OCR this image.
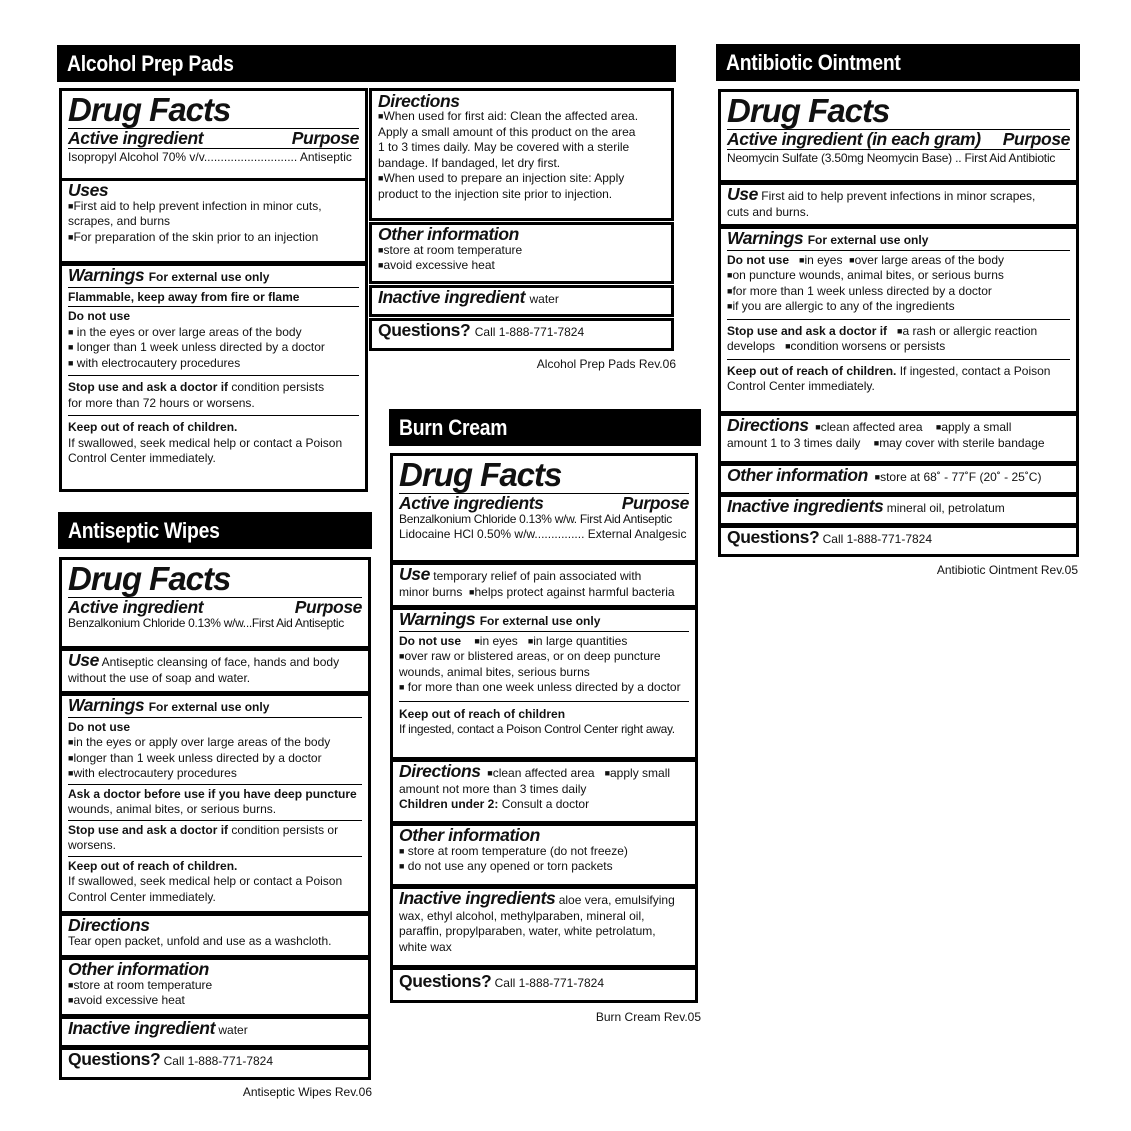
Alcohol Prep Pads
Drug Facts
Active ingredient	Purpose
Isopropyl Alcohol 70% v/v............................ Antiseptic
Uses
■First aid to help prevent infection in minor cuts,
scrapes, and burns
■For preparation of the skin prior to an injection
Warnings For external use only
Flammable, keep away from fire or flame
Do not use
■ in the eyes or over large areas of the body
■ longer than 1 week unless directed by a doctor
■ with electrocautery procedures
Stop use and ask a doctor if condition persists
for more than 72 hours or worsens.
Keep out of reach of children.
If swallowed, seek medical help or contact a Poison
Control Center immediately.
Directions
■When used for first aid: Clean the affected area.
Apply a small amount of this product on the area
1 to 3 times daily. May be covered with a sterile
bandage. If bandaged, let dry first.
■When used to prepare an injection site: Apply
product to the injection site prior to injection.
Other information
■store at room temperature
■avoid excessive heat
Inactive ingredient water
Questions? Call 1-888-771-7824
Alcohol Prep Pads Rev.06
Antibiotic Ointment
Drug Facts
Active ingredient (in each gram) Purpose
Neomycin Sulfate (3.50mg Neomycin Base) .. First Aid Antibiotic
Use First aid to help prevent infections in minor scrapes,
cuts and burns.
Warnings For external use only
Do not use ■in eyes ■over large areas of the body
■on puncture wounds, animal bites, or serious burns
■for more than 1 week unless directed by a doctor
■if you are allergic to any of the ingredients
Stop use and ask a doctor if ■a rash or allergic reaction
develops ■condition worsens or persists
Keep out of reach of children. If ingested, contact a Poison
Control Center immediately.
Directions ■clean affected area ■apply a small
amount 1 to 3 times daily ■may cover with sterile bandage
Other information ■store at 68˚ - 77˚F (20˚ - 25˚C)
Inactive ingredients mineral oil, petrolatum
Questions? Call 1-888-771-7824
Antibiotic Ointment Rev.05
Burn Cream
Drug Facts
Active ingredients	Purpose
Benzalkonium Chloride 0.13% w/w. First Aid Antiseptic
Lidocaine HCl 0.50% w/w............... External Analgesic
Use temporary relief of pain associated with
minor burns ■helps protect against harmful bacteria
Warnings For external use only
Do not use ■in eyes ■in large quantities
■over raw or blistered areas, or on deep puncture
wounds, animal bites, serious burns
■ for more than one week unless directed by a doctor
Keep out of reach of children
If ingested, contact a Poison Control Center right away.
Directions ■clean affected area ■apply small
amount not more than 3 times daily
Children under 2: Consult a doctor
Other information
■ store at room temperature (do not freeze)
■ do not use any opened or torn packets
Inactive ingredients aloe vera, emulsifying
wax, ethyl alcohol, methylparaben, mineral oil,
paraffin, propylparaben, water, white petrolatum,
white wax
Questions? Call 1-888-771-7824
Burn Cream Rev.05
Antiseptic Wipes
Drug Facts
Active ingredient	Purpose
Benzalkonium Chloride 0.13% w/w...First Aid Antiseptic
Use Antiseptic cleansing of face, hands and body
without the use of soap and water.
Warnings For external use only
Do not use
■in the eyes or apply over large areas of the body
■longer than 1 week unless directed by a doctor
■with electrocautery procedures
Ask a doctor before use if you have deep puncture
wounds, animal bites, or serious burns.
Stop use and ask a doctor if condition persists or
worsens.
Keep out of reach of children.
If swallowed, seek medical help or contact a Poison
Control Center immediately.
Directions
Tear open packet, unfold and use as a washcloth.
Other information
■store at room temperature
■avoid excessive heat
Inactive ingredient water
Questions? Call 1-888-771-7824
Antiseptic Wipes Rev.06
